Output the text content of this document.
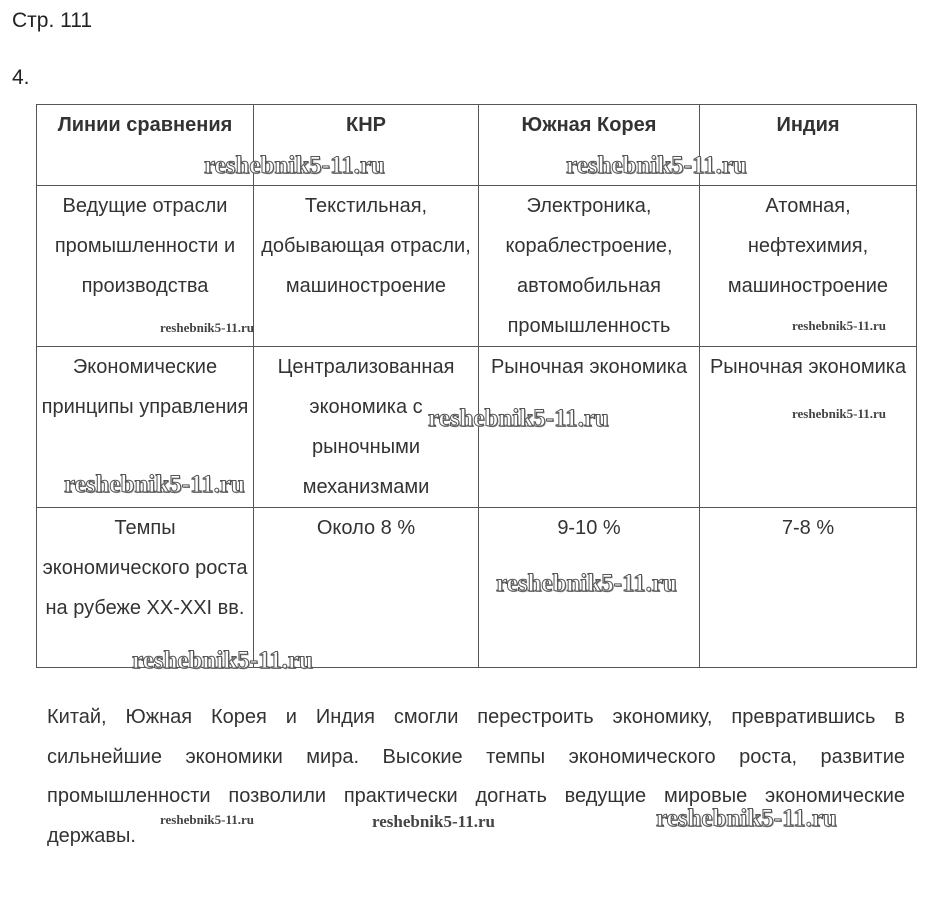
Стр. 111
4.
Линии сравнения	КНР	Южная Корея	Индия
Ведущие отрасли промышленности и производства	Текстильная, добывающая отрасли, машиностроение	Электроника, кораблестроение, автомобильная промышленность	Атомная, нефтехимия, машиностроение
Экономические принципы управления	Централизованная экономика с рыночными механизмами	Рыночная экономика	Рыночная экономика
Темпы экономического роста на рубеже XX-XXI вв.	Около 8 %	9-10 %	7-8 %
Китай, Южная Корея и Индия смогли перестроить экономику, превратившись в сильнейшие экономики мира. Высокие темпы экономического роста, развитие промышленности позволили практически догнать ведущие мировые экономические державы.
reshebnik5-11.ru	reshebnik5-11.ru
reshebnik5-11.ru	reshebnik5-11.ru
reshebnik5-11.ru
reshebnik5-11.ru
reshebnik5-11.ru
reshebnik5-11.ru
reshebnik5-11.ru
reshebnik5-11.ru	reshebnik5-11.ru	reshebnik5-11.ru
